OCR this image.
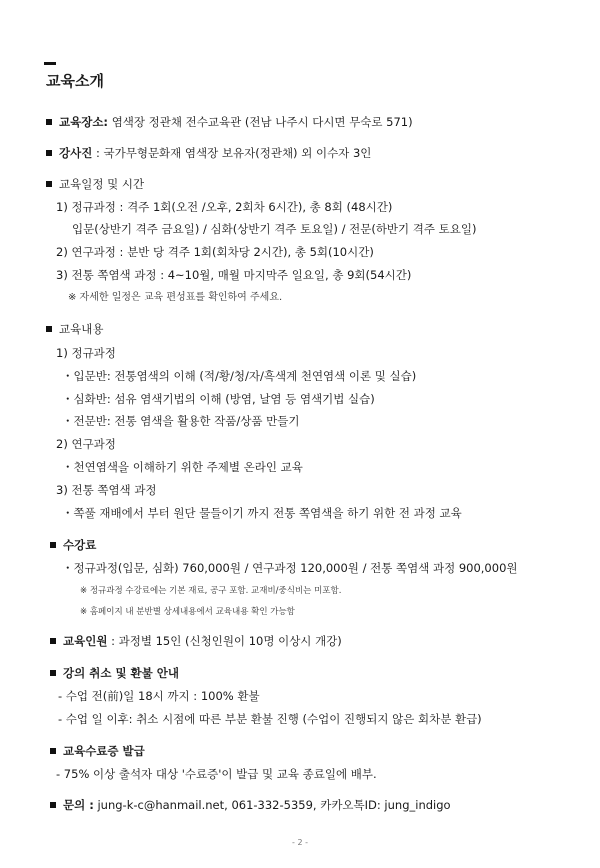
교육소개
교육장소: 염색장 정관채 전수교육관 (전남 나주시 다시면 무숙로 571)
강사진 : 국가무형문화재 염색장 보유자(정관채) 외 이수자 3인
교육일정 및 시간
1) 정규과정 : 격주 1회(오전 /오후, 2회차 6시간), 총 8회 (48시간)
입문(상반기 격주 금요일) / 심화(상반기 격주 토요일) / 전문(하반기 격주 토요일)
2) 연구과정 : 분반 당 격주 1회(회차당 2시간), 총 5회(10시간)
3) 전통 쪽염색 과정 : 4~10월, 매월 마지막주 일요일, 총 9회(54시간)
※ 자세한 일정은 교육 편성표를 확인하여 주세요.
교육내용
1) 정규과정
・입문반: 전통염색의 이해 (적/황/청/자/흑색계 천연염색 이론 및 실습)
・심화반: 섬유 염색기법의 이해 (방염, 날염 등 염색기법 실습)
・전문반: 전통 염색을 활용한 작품/상품 만들기
2) 연구과정
・천연염색을 이해하기 위한 주제별 온라인 교육
3) 전통 쪽염색 과정
・쪽풀 재배에서 부터 원단 물들이기 까지 전통 쪽염색을 하기 위한 전 과정 교육
수강료
・정규과정(입문, 심화) 760,000원 / 연구과정 120,000원 / 전통 쪽염색 과정 900,000원
※ 정규과정 수강료에는 기본 재료, 공구 포함. 교재비/중식비는 미포함.
※ 홈페이지 내 분반별 상세내용에서 교육내용 확인 가능함
교육인원 : 과정별 15인 (신청인원이 10명 이상시 개강)
강의 취소 및 환불 안내
- 수업 전(前)일 18시 까지 : 100% 환불
- 수업 일 이후: 취소 시점에 따른 부분 환불 진행 (수업이 진행되지 않은 회차분 환급)
교육수료증 발급
- 75% 이상 출석자 대상 '수료증'이 발급 및 교육 종료일에 배부.
문의 : jung-k-c@hanmail.net, 061-332-5359, 카카오톡ID: jung_indigo
- 2 -
